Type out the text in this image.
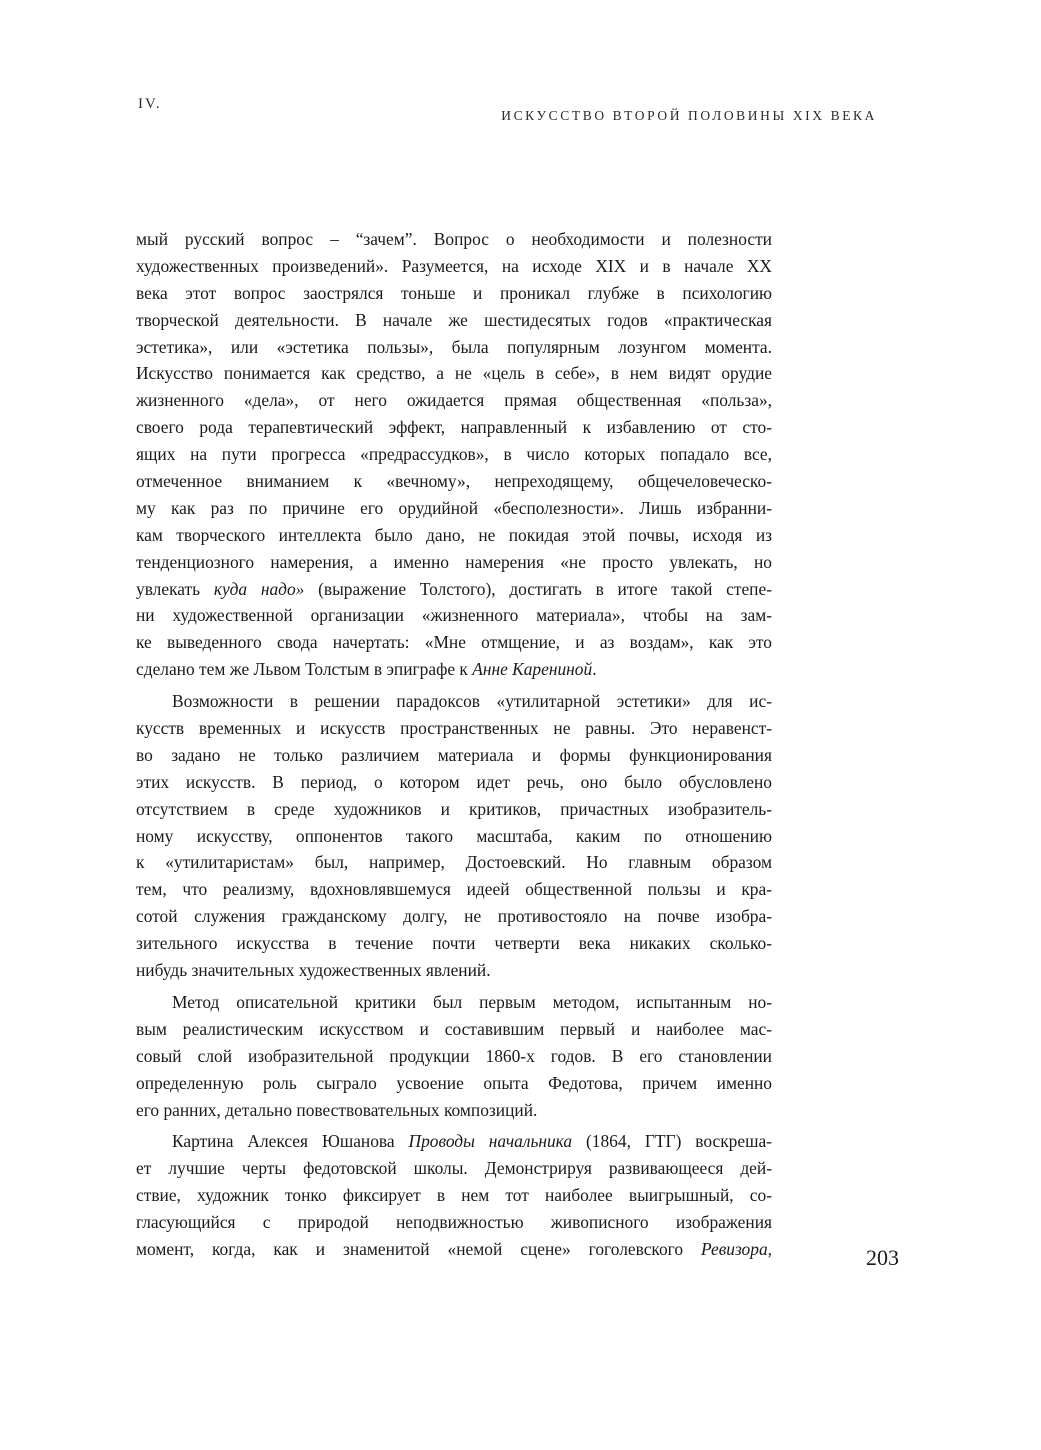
IV.
ИСКУССТВО ВТОРОЙ ПОЛОВИНЫ XIX ВЕКА
мый русский вопрос – “зачем”. Вопрос о необходимости и полезности
художественных произведений». Разумеется, на исходе XIX и в начале XX
века этот вопрос заострялся тоньше и проникал глубже в психологию
творческой деятельности. В начале же шестидесятых годов «практическая
эстетика», или «эстетика пользы», была популярным лозунгом момента.
Искусство понимается как средство, а не «цель в себе», в нем видят орудие
жизненного «дела», от него ожидается прямая общественная «польза»,
своего рода терапевтический эффект, направленный к избавлению от сто-
ящих на пути прогресса «предрассудков», в число которых попадало все,
отмеченное вниманием к «вечному», непреходящему, общечеловеческо-
му как раз по причине его орудийной «бесполезности». Лишь избранни-
кам творческого интеллекта было дано, не покидая этой почвы, исходя из
тенденциозного намерения, а именно намерения «не просто увлекать, но
увлекать куда надо» (выражение Толстого), достигать в итоге такой степе-
ни художественной организации «жизненного материала», чтобы на зам-
ке выведенного свода начертать: «Мне отмщение, и аз воздам», как это
сделано тем же Львом Толстым в эпиграфе к Анне Карениной.
Возможности в решении парадоксов «утилитарной эстетики» для ис-
кусств временных и искусств пространственных не равны. Это неравенст-
во задано не только различием материала и формы функционирования
этих искусств. В период, о котором идет речь, оно было обусловлено
отсутствием в среде художников и критиков, причастных изобразитель-
ному искусству, оппонентов такого масштаба, каким по отношению
к «утилитаристам» был, например, Достоевский. Но главным образом
тем, что реализму, вдохновлявшемуся идеей общественной пользы и кра-
сотой служения гражданскому долгу, не противостояло на почве изобра-
зительного искусства в течение почти четверти века никаких сколько-
нибудь значительных художественных явлений.
Метод описательной критики был первым методом, испытанным но-
вым реалистическим искусством и составившим первый и наиболее мас-
совый слой изобразительной продукции 1860-х годов. В его становлении
определенную роль сыграло усвоение опыта Федотова, причем именно
его ранних, детально повествовательных композиций.
Картина Алексея Юшанова Проводы начальника (1864, ГТГ) воскреша-
ет лучшие черты федотовской школы. Демонстрируя развивающееся дей-
ствие, художник тонко фиксирует в нем тот наиболее выигрышный, со-
гласующийся с природой неподвижностью живописного изображения
момент, когда, как и знаменитой «немой сцене» гоголевского Ревизора,	203
